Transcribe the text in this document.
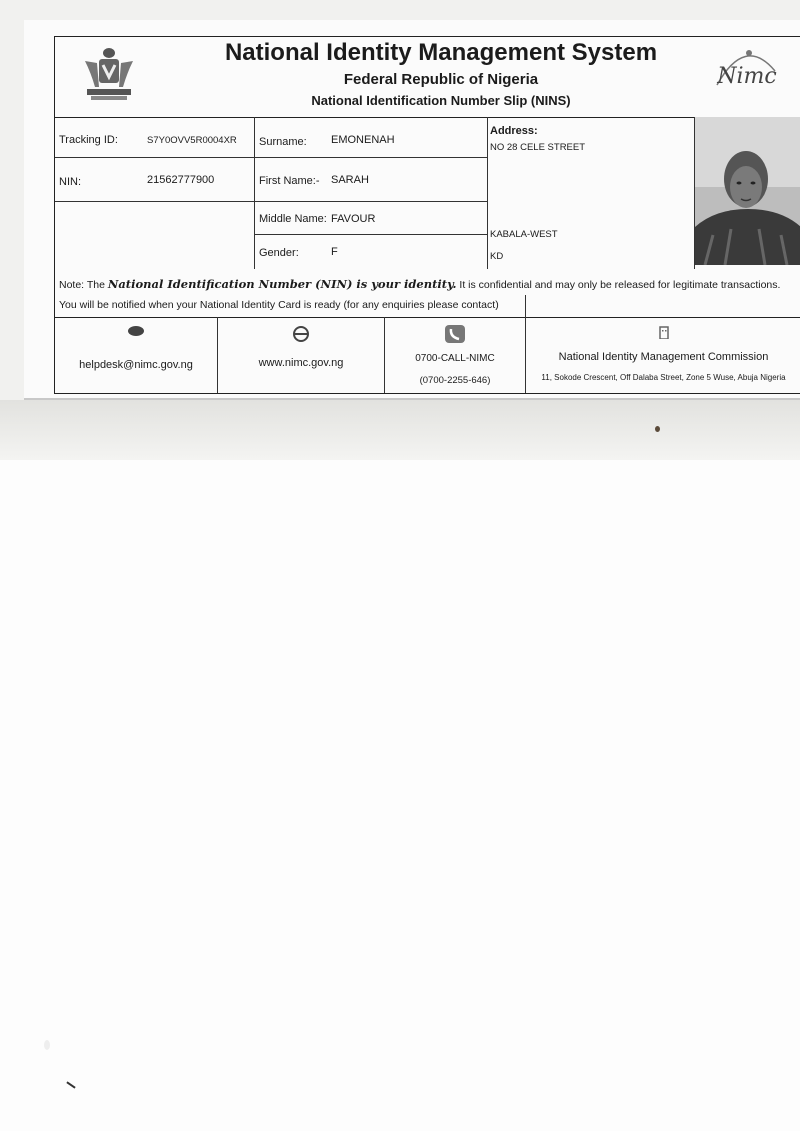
National Identity Management System
Federal Republic of Nigeria
National Identification Number Slip (NINS)
Nimc
Tracking ID:	S7Y0OVV5R0004XR
NIN:	21562777900
Surname: EMONENAH
First Name:- SARAH
Middle Name: FAVOUR
Gender:	F
Address:
NO 28 CELE STREET
KABALA-WEST
KD
Note: The National Identification Number (NIN) is your identity. It is confidential and may only be released for legitimate transactions.
You will be notified when your National Identity Card is ready (for any enquiries please contact)
helpdesk@nimc.gov.ng	www.nimc.gov.ng	0700-CALL-NIMC
(0700-2255-646)
National Identity Management Commission
11, Sokode Crescent, Off Dalaba Street, Zone 5 Wuse, Abuja Nigeria
